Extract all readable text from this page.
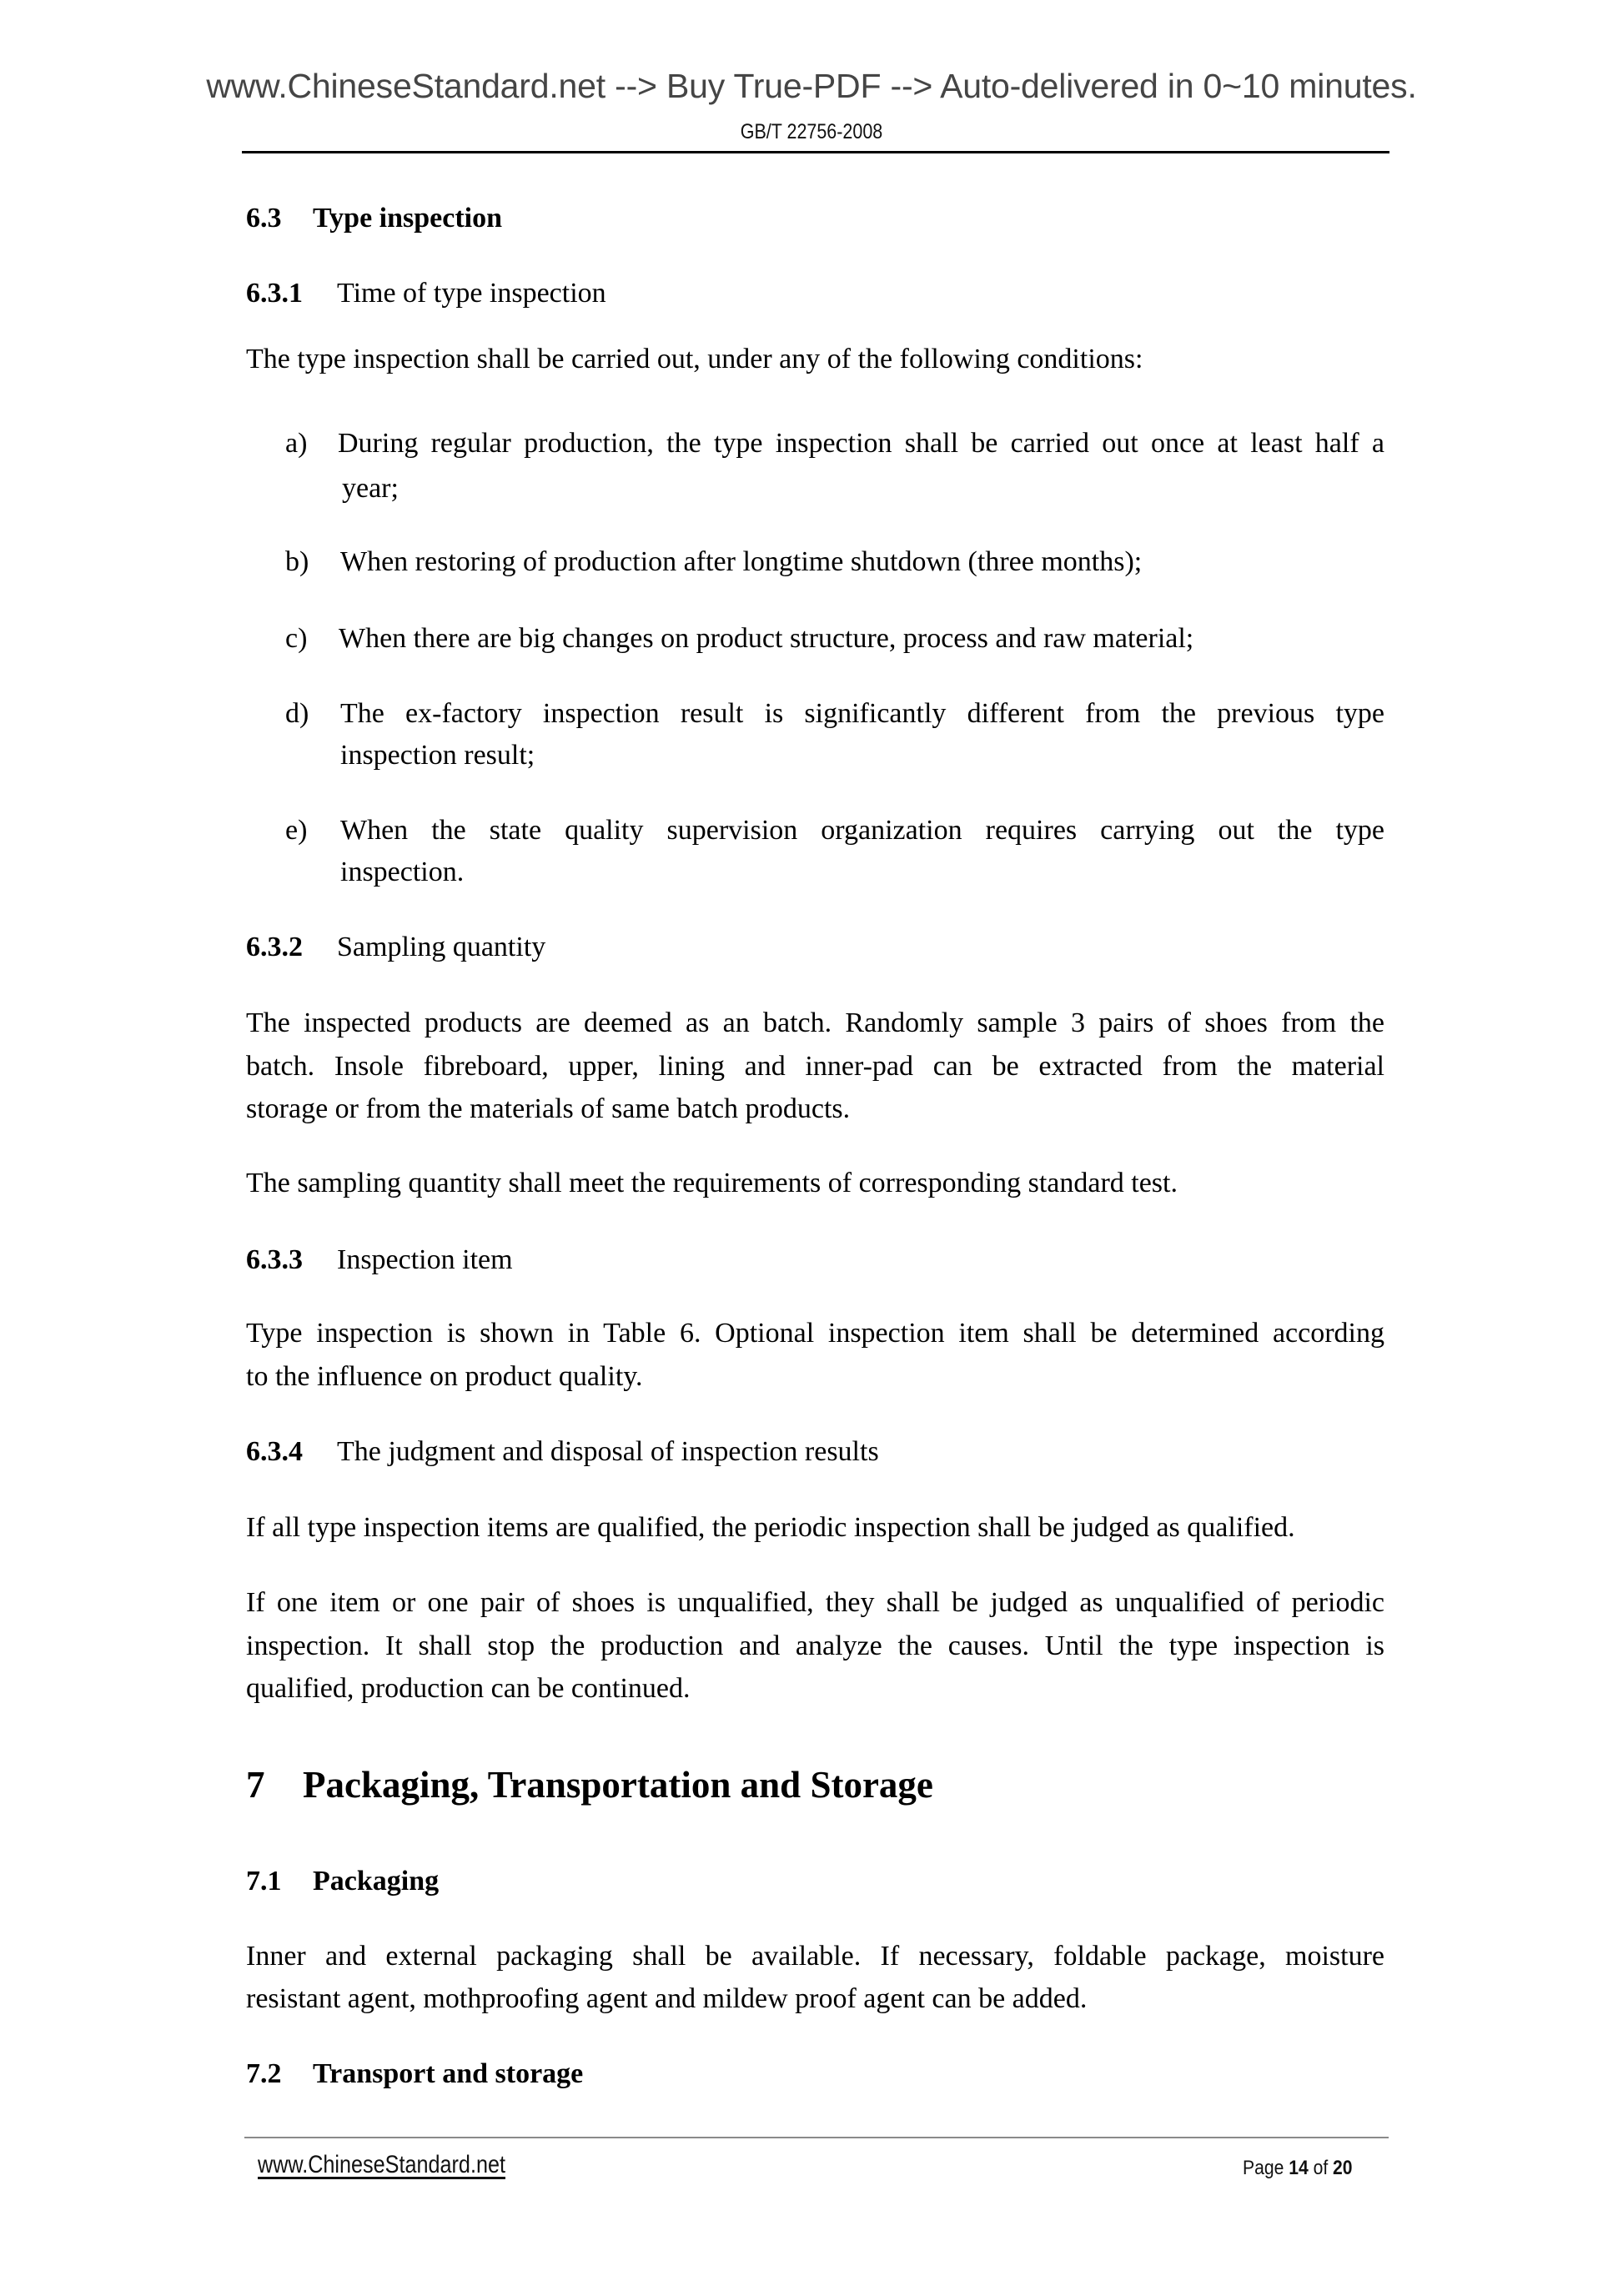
www.ChineseStandard.net --> Buy True-PDF --> Auto-delivered in 0~10 minutes.
GB/T 22756-2008
6.3 Type inspection
6.3.1 Time of type inspection
The type inspection shall be carried out, under any of the following conditions:
a) During regular production, the type inspection shall be carried out once at least half a
year;
b) When restoring of production after longtime shutdown (three months);
c) When there are big changes on product structure, process and raw material;
d) The ex-factory inspection result is significantly different from the previous type
inspection result;
e) When the state quality supervision organization requires carrying out the type
inspection.
6.3.2 Sampling quantity
The inspected products are deemed as an batch. Randomly sample 3 pairs of shoes from the
batch. Insole fibreboard, upper, lining and inner-pad can be extracted from the material
storage or from the materials of same batch products.
The sampling quantity shall meet the requirements of corresponding standard test.
6.3.3 Inspection item
Type inspection is shown in Table 6. Optional inspection item shall be determined according
to the influence on product quality.
6.3.4 The judgment and disposal of inspection results
If all type inspection items are qualified, the periodic inspection shall be judged as qualified.
If one item or one pair of shoes is unqualified, they shall be judged as unqualified of periodic
inspection. It shall stop the production and analyze the causes. Until the type inspection is
qualified, production can be continued.
7 Packaging, Transportation and Storage
7.1 Packaging
Inner and external packaging shall be available. If necessary, foldable package, moisture
resistant agent, mothproofing agent and mildew proof agent can be added.
7.2 Transport and storage
www.ChineseStandard.net	Page 14 of 20
